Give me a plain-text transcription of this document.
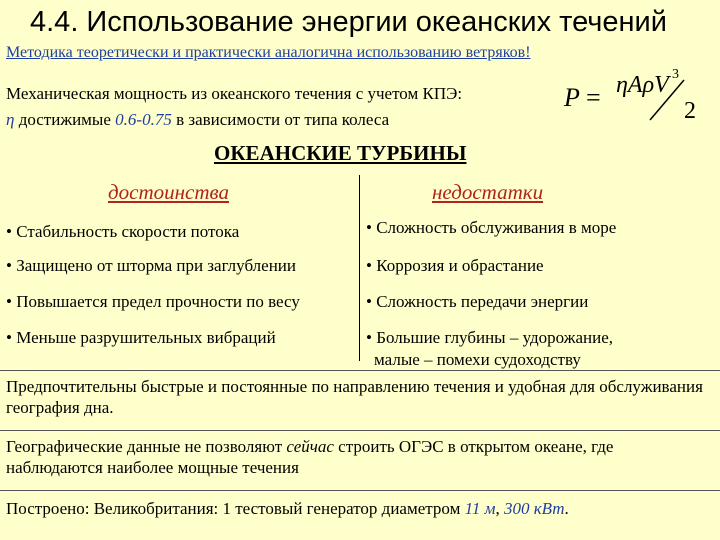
4.4. Использование энергии океанских течений
Методика теоретически и практически аналогична использованию ветряков!
Механическая мощность из океанского течения с учетом КПЭ:
η достижимые 0.6-0.75 в зависимости от типа колеса
P = ηAρV 3
2
ОКЕАНСКИЕ ТУРБИНЫ
достоинства	недостатки
• Стабильность скорости потока
• Защищено от шторма при заглублении
• Повышается предел прочности по весу
• Меньше разрушительных вибраций
• Сложность обслуживания в море
• Коррозия и обрастание
• Сложность передачи энергии
• Большие глубины – удорожание,
малые – помехи судоходству
Предпочтительны быстрые и постоянные по направлению течения и удобная для обслуживания география дна.
Географические данные не позволяют сейчас строить ОГЭС в открытом океане, где наблюдаются наиболее мощные течения
Построено: Великобритания: 1 тестовый генератор диаметром 11 м, 300 кВт.
